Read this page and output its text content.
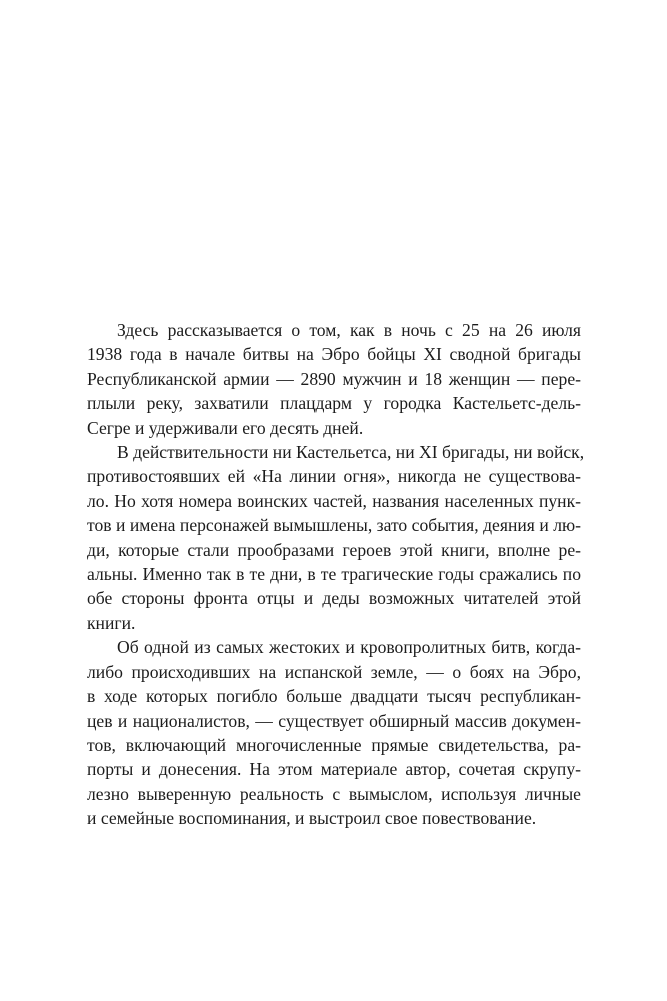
Здесь рассказывается о том, как в ночь с 25 на 26 июля
1938 года в начале битвы на Эбро бойцы XI сводной бригады
Республиканской армии — 2890 мужчин и 18 женщин — пере-
плыли реку, захватили плацдарм у городка Кастельетс-дель-
Сегре и удерживали его десять дней.

В действительности ни Кастельетса, ни XI бригады, ни войск,
противостоявших ей «На линии огня», никогда не существова-
ло. Но хотя номера воинских частей, названия населенных пунк-
тов и имена персонажей вымышлены, зато события, деяния и лю-
ди, которые стали прообразами героев этой книги, вполне ре-
альны. Именно так в те дни, в те трагические годы сражались по
обе стороны фронта отцы и деды возможных читателей этой
книги.

Об одной из самых жестоких и кровопролитных битв, когда-
либо происходивших на испанской земле, — о боях на Эбро,
в ходе которых погибло больше двадцати тысяч республикан-
цев и националистов, — существует обширный массив докумен-
тов, включающий многочисленные прямые свидетельства, ра-
порты и донесения. На этом материале автор, сочетая скрупу-
лезно выверенную реальность с вымыслом, используя личные
и семейные воспоминания, и выстроил свое повествование.
